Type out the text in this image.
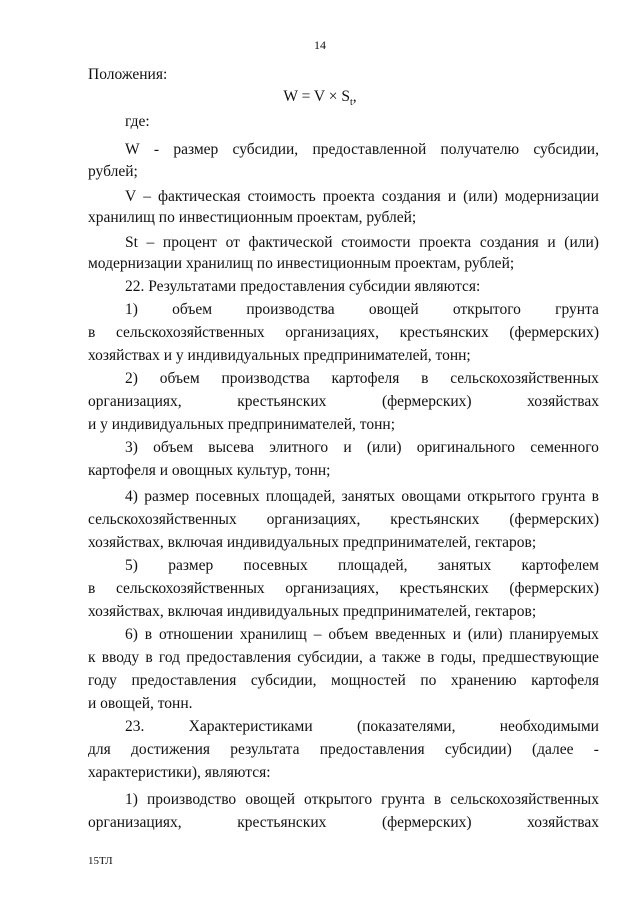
14
Положения:
$W = V \times S_t$,
где:
W - размер субсидии, предоставленной получателю субсидии,
рублей;
V – фактическая стоимость проекта создания и (или) модернизации
хранилищ по инвестиционным проектам, рублей;
St – процент от фактической стоимости проекта создания и (или)
модернизации хранилищ по инвестиционным проектам, рублей;
22. Результатами предоставления субсидии являются:
1) объем производства овощей открытого грунта
в сельскохозяйственных организациях, крестьянских (фермерских)
хозяйствах и у индивидуальных предпринимателей, тонн;
2) объем производства картофеля в сельскохозяйственных
организациях,	крестьянских	(фермерских)	хозяйствах
и у индивидуальных предпринимателей, тонн;
3) объем высева элитного и (или) оригинального семенного
картофеля и овощных культур, тонн;
4) размер посевных площадей, занятых овощами открытого грунта в
сельскохозяйственных организациях, крестьянских (фермерских)
хозяйствах, включая индивидуальных предпринимателей, гектаров;
5) размер посевных площадей, занятых картофелем
в сельскохозяйственных организациях, крестьянских (фермерских)
хозяйствах, включая индивидуальных предпринимателей, гектаров;
6) в отношении хранилищ – объем введенных и (или) планируемых
к вводу в год предоставления субсидии, а также в годы, предшествующие
году предоставления субсидии, мощностей по хранению картофеля
и овощей, тонн.
23.	Характеристиками	(показателями,	необходимыми
для достижения результата предоставления субсидии) (далее -
характеристики), являются:
1) производство овощей открытого грунта в сельскохозяйственных
организациях,	крестьянских	(фермерских)	хозяйствах
15ТЛ
